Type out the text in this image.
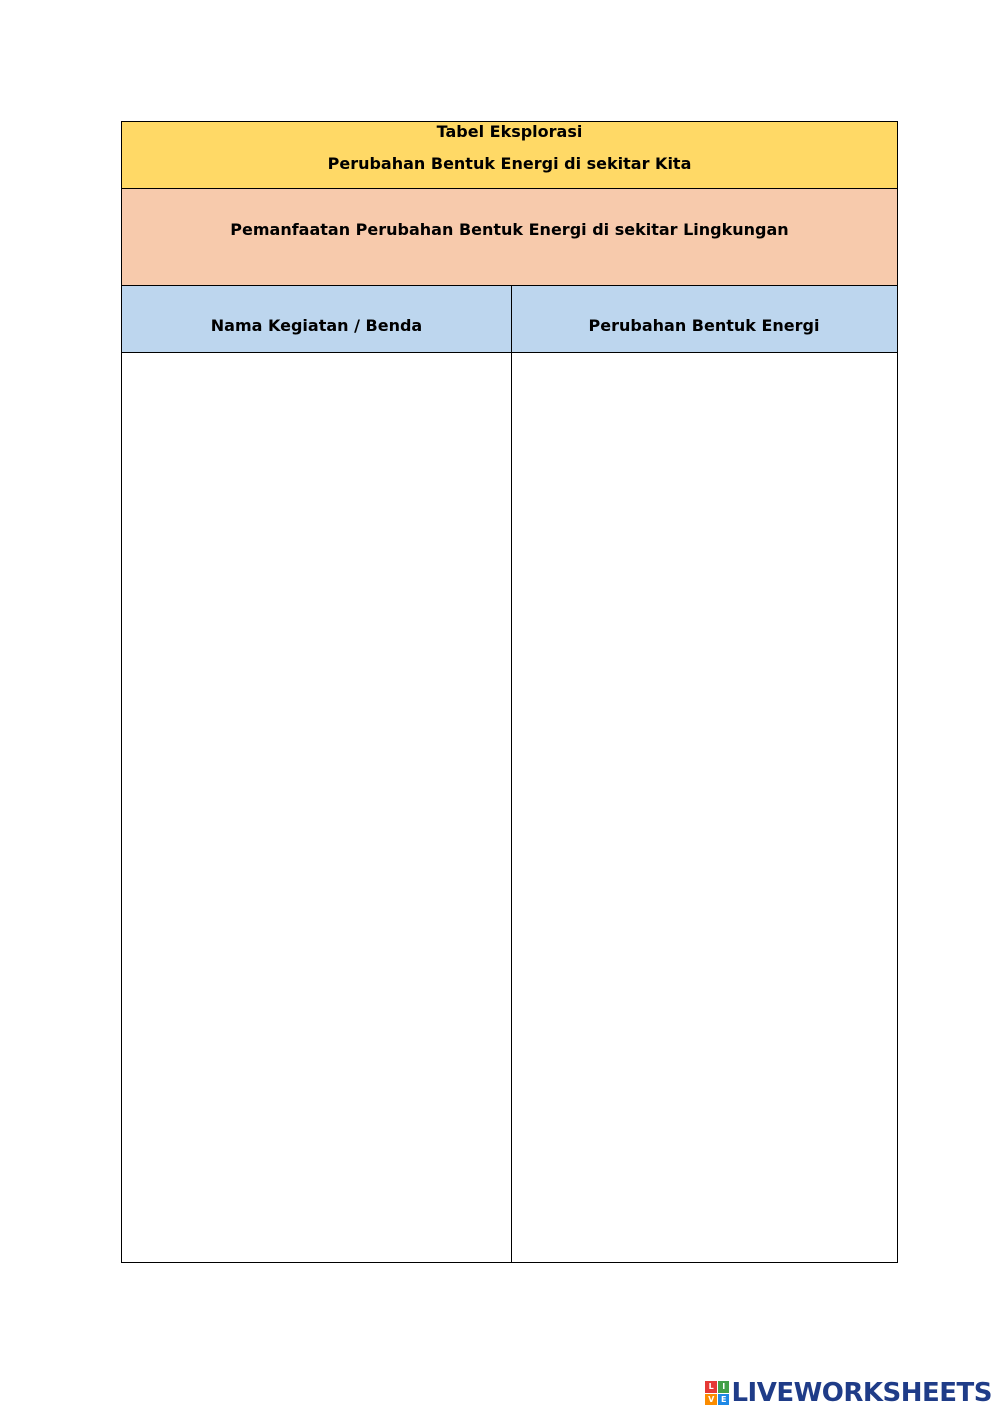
Tabel Eksplorasi
Perubahan Bentuk Energi di sekitar Kita
Pemanfaatan Perubahan Bentuk Energi di sekitar Lingkungan
Nama Kegiatan / Benda	Perubahan Bentuk Energi
L	I
V E LIVEWORKSHEETS
